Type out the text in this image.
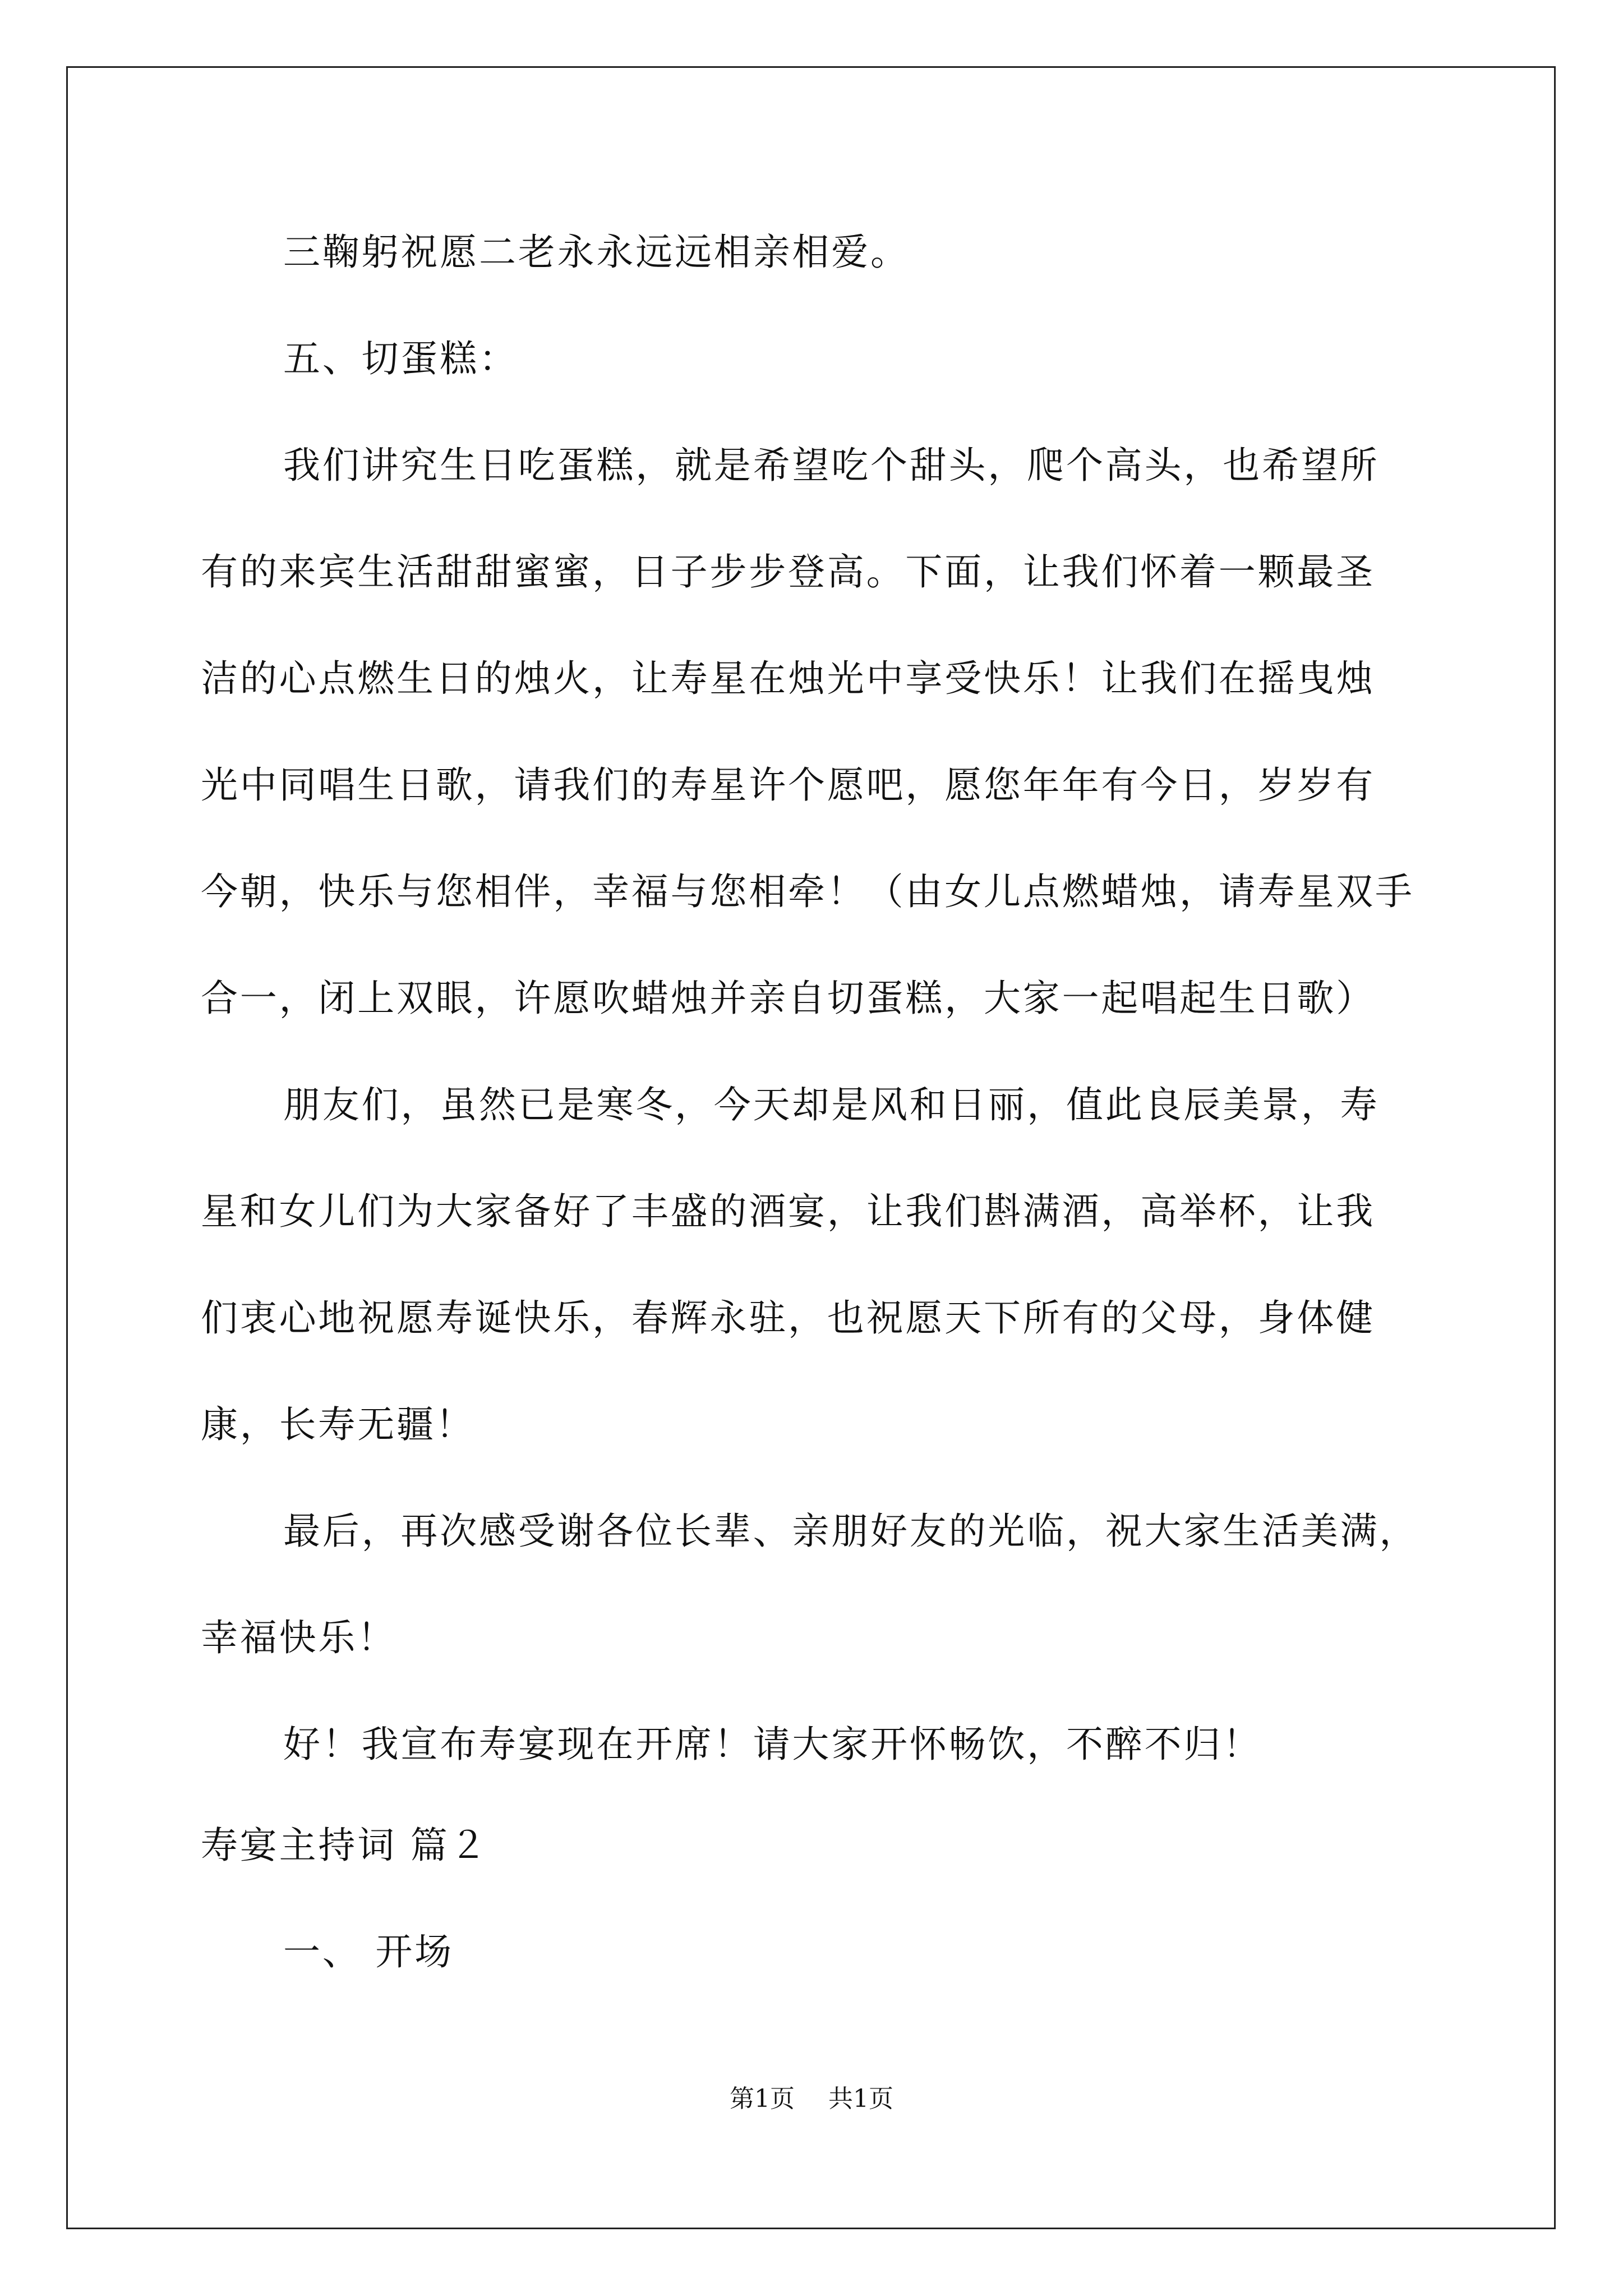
三鞠躬祝愿二老永永远远相亲相爱。
五、切蛋糕：
我们讲究生日吃蛋糕，就是希望吃个甜头，爬个高头，也希望所
有的来宾生活甜甜蜜蜜，日子步步登高。下面，让我们怀着一颗最圣
洁的心点燃生日的烛火，让寿星在烛光中享受快乐！让我们在摇曳烛
光中同唱生日歌，请我们的寿星许个愿吧，愿您年年有今日，岁岁有
今朝，快乐与您相伴，幸福与您相牵！（由女儿点燃蜡烛，请寿星双手
合一，闭上双眼，许愿吹蜡烛并亲自切蛋糕，大家一起唱起生日歌）
朋友们，虽然已是寒冬，今天却是风和日丽，值此良辰美景，寿
星和女儿们为大家备好了丰盛的酒宴，让我们斟满酒，高举杯，让我
们衷心地祝愿寿诞快乐，春辉永驻，也祝愿天下所有的父母，身体健
康，长寿无疆！
最后，再次感受谢各位长辈、亲朋好友的光临，祝大家生活美满，
幸福快乐！
好！我宣布寿宴现在开席！请大家开怀畅饮，不醉不归！
寿宴主持词 篇２
一、 开场
第1页 共1页
